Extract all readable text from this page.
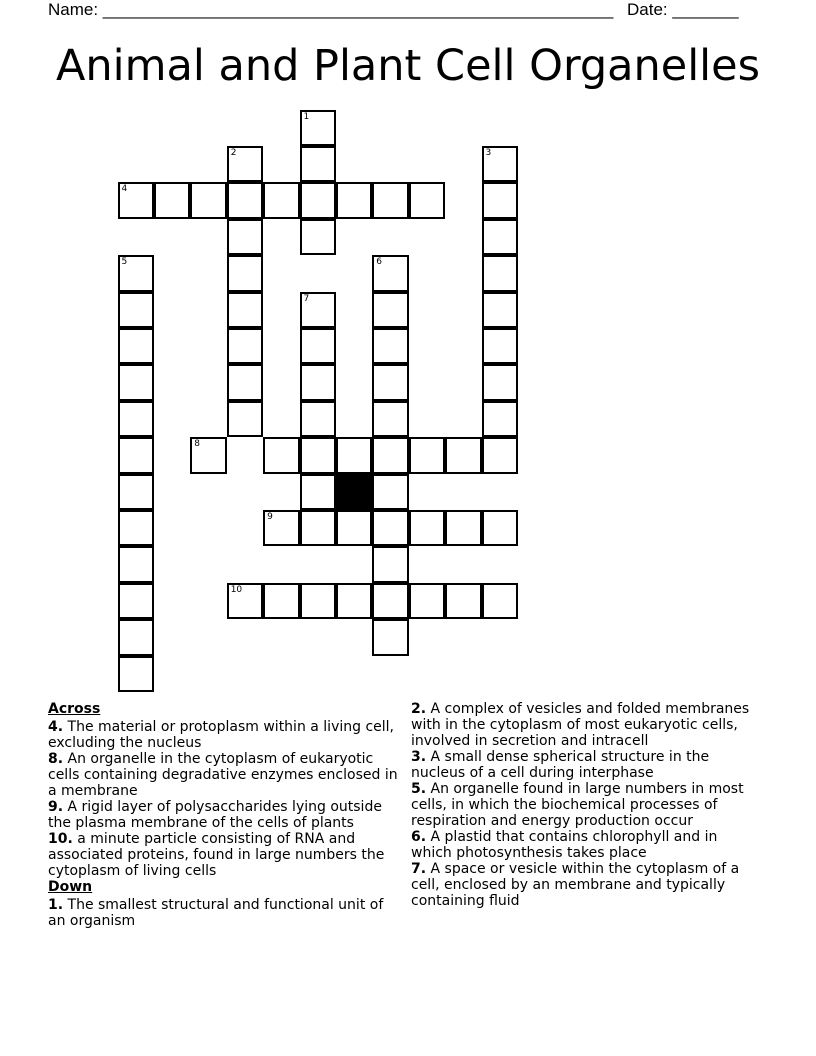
Name: ______________________________________________________ Date: _______
Animal and Plant Cell Organelles
1
2	3
4
5	6
7
8
9
10
Across
4. The material or protoplasm within a living cell, excluding the nucleus
8. An organelle in the cytoplasm of eukaryotic cells containing degradative enzymes enclosed in a membrane
9. A rigid layer of polysaccharides lying outside the plasma membrane of the cells of plants
10. a minute particle consisting of RNA and associated proteins, found in large numbers the cytoplasm of living cells
Down
1. The smallest structural and functional unit of an organism
2. A complex of vesicles and folded membranes with in the cytoplasm of most eukaryotic cells, involved in secretion and intracell
3. A small dense spherical structure in the nucleus of a cell during interphase
5. An organelle found in large numbers in most cells, in which the biochemical processes of respiration and energy production occur
6. A plastid that contains chlorophyll and in which photosynthesis takes place
7. A space or vesicle within the cytoplasm of a cell, enclosed by an membrane and typically containing fluid
